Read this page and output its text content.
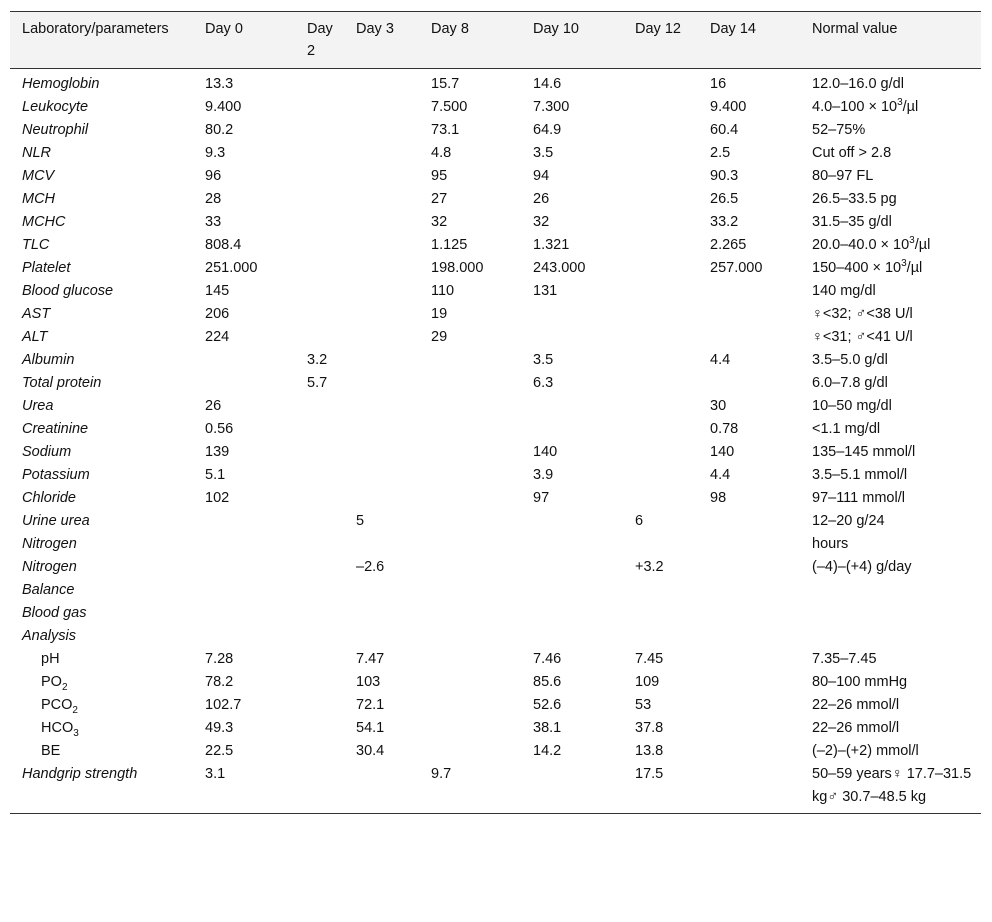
Laboratory/parameters	Day 0	Day 2	Day 3	Day 8	Day 10	Day 12	Day 14	Normal value
Hemoglobin	13.3			15.7	14.6		16	12.0–16.0 g/dl
Leukocyte	9.400			7.500	7.300		9.400	$4.0-100 \times 10^3/\mu l$
Neutrophil	80.2			73.1	64.9		60.4	52–75%
NLR	9.3			4.8	3.5		2.5	Cut off > 2.8
MCV	96			95	94		90.3	80–97 FL
MCH	28			27	26		26.5	26.5–33.5 pg
MCHC	33			32	32		33.2	31.5–35 g/dl
TLC	808.4			1.125	1.321		2.265	$20.0-40.0 \times 10^3/\mu l$
Platelet	251.000			198.000	243.000		257.000	$150-400 \times 10^3/\mu l$
Blood glucose	145			110	131			140 mg/dl
AST	206			19				♀<32; ♂<38 U/l
ALT	224			29				♀<31; ♂<41 U/l
Albumin		3.2			3.5		4.4	3.5–5.0 g/dl
Total protein		5.7			6.3			6.0–7.8 g/dl
Urea	26						30	10–50 mg/dl
Creatinine	0.56						0.78	<1.1 mg/dl
Sodium	139				140		140	135–145 mmol/l
Potassium	5.1				3.9		4.4	3.5–5.1 mmol/l
Chloride	102				97		98	97–111 mmol/l
Urine urea			5			6		12–20 g/24
Nitrogen								hours
Nitrogen			–2.6			+3.2		(–4)–(+4) g/day
Balance								
Blood gas								
Analysis								
pH	7.28		7.47		7.46	7.45		7.35–7.45
$PO_2$	78.2		103		85.6	109		80–100 mmHg
$PCO_2$	102.7		72.1		52.6	53		22–26 mmol/l
$HCO_3$	49.3		54.1		38.1	37.8		22–26 mmol/l
BE	22.5		30.4		14.2	13.8		(–2)–(+2) mmol/l
Handgrip strength	3.1			9.7		17.5		50–59 years♀ 17.7–31.5 kg♂ 30.7–48.5 kg
